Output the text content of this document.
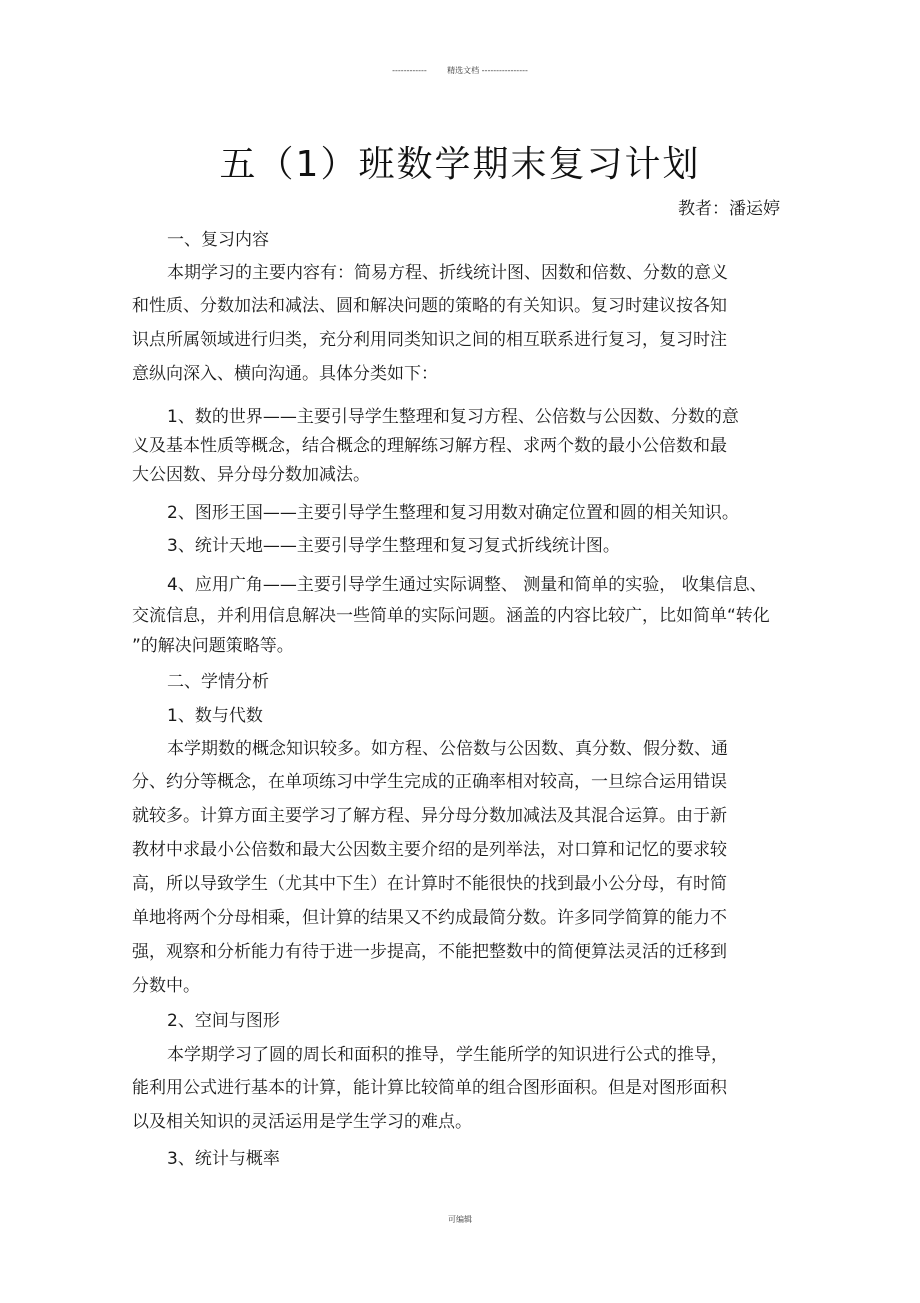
------------        精选文档 ----------------
五（1）班数学期末复习计划
教者：潘运婷
一、复习内容
本期学习的主要内容有：简易方程、折线统计图、因数和倍数、分数的意义
和性质、分数加法和减法、圆和解决问题的策略的有关知识。复习时建议按各知
识点所属领域进行归类，充分利用同类知识之间的相互联系进行复习，复习时注
意纵向深入、横向沟通。具体分类如下：
1、数的世界——主要引导学生整理和复习方程、公倍数与公因数、分数的意
义及基本性质等概念，结合概念的理解练习解方程、求两个数的最小公倍数和最
大公因数、异分母分数加减法。
2、图形王国——主要引导学生整理和复习用数对确定位置和圆的相关知识。
3、统计天地——主要引导学生整理和复习复式折线统计图。
4、应用广角——主要引导学生通过实际调整、 测量和简单的实验， 收集信息、
交流信息，并利用信息解决一些简单的实际问题。涵盖的内容比较广，比如简单“转化
”的解决问题策略等。
二、学情分析
1、数与代数
本学期数的概念知识较多。如方程、公倍数与公因数、真分数、假分数、通
分、约分等概念，在单项练习中学生完成的正确率相对较高，一旦综合运用错误
就较多。计算方面主要学习了解方程、异分母分数加减法及其混合运算。由于新
教材中求最小公倍数和最大公因数主要介绍的是列举法，对口算和记忆的要求较
高，所以导致学生（尤其中下生）在计算时不能很快的找到最小公分母，有时简
单地将两个分母相乘，但计算的结果又不约成最简分数。许多同学简算的能力不
强，观察和分析能力有待于进一步提高，不能把整数中的简便算法灵活的迁移到
分数中。
2、空间与图形
本学期学习了圆的周长和面积的推导，学生能所学的知识进行公式的推导，
能利用公式进行基本的计算，能计算比较简单的组合图形面积。但是对图形面积
以及相关知识的灵活运用是学生学习的难点。
3、统计与概率
可编辑
